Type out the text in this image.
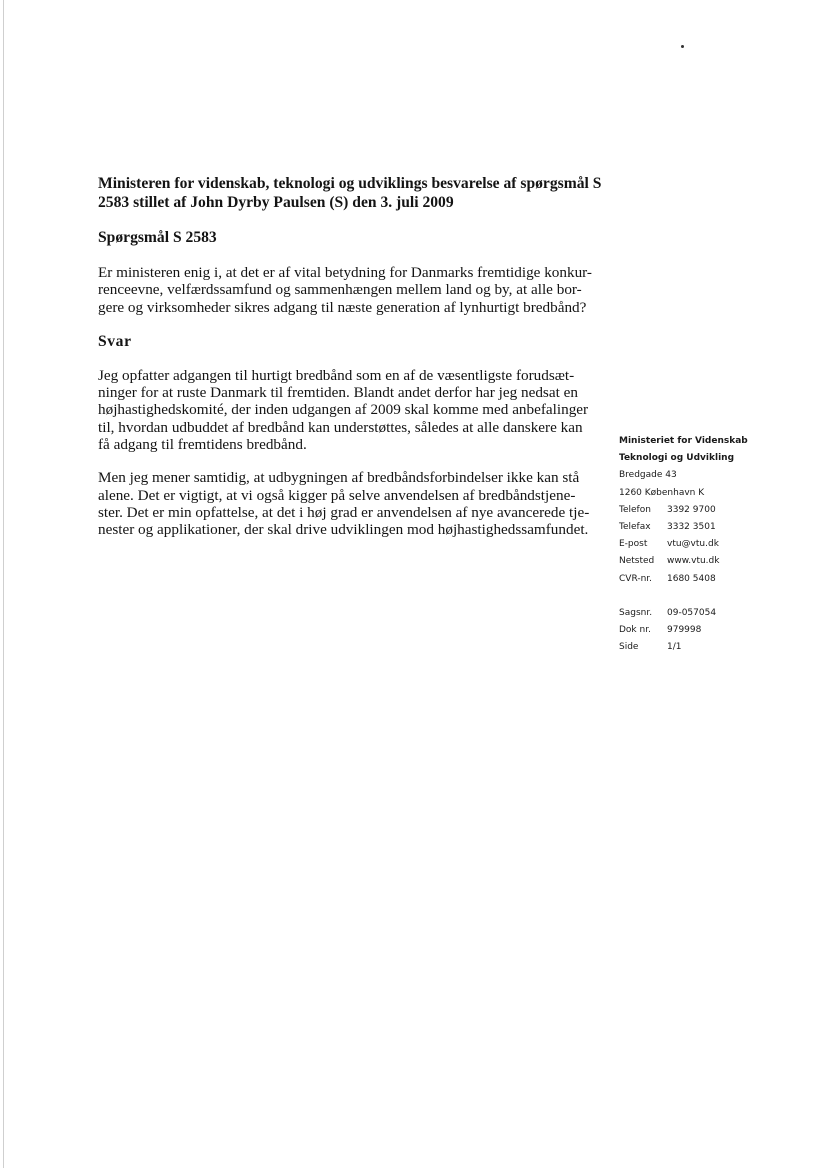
Ministeren for videnskab, teknologi og udviklings besvarelse af spørgsmål S
2583 stillet af John Dyrby Paulsen (S) den 3. juli 2009
Spørgsmål S 2583

Er ministeren enig i, at det er af vital betydning for Danmarks fremtidige konkur-
renceevne, velfærdssamfund og sammenhængen mellem land og by, at alle bor-
gere og virksomheder sikres adgang til næste generation af lynhurtigt bredbånd?

Svar

Jeg opfatter adgangen til hurtigt bredbånd som en af de væsentligste forudsæt-
ninger for at ruste Danmark til fremtiden. Blandt andet derfor har jeg nedsat en
højhastighedskomité, der inden udgangen af 2009 skal komme med anbefalinger
til, hvordan udbuddet af bredbånd kan understøttes, således at alle danskere kan
få adgang til fremtidens bredbånd.

Men jeg mener samtidig, at udbygningen af bredbåndsforbindelser ikke kan stå
alene. Det er vigtigt, at vi også kigger på selve anvendelsen af bredbåndstjene-
ster. Det er min opfattelse, at det i høj grad er anvendelsen af nye avancerede tje-
nester og applikationer, der skal drive udviklingen mod højhastighedssamfundet.

Ministeriet for Videnskab
Teknologi og Udvikling
Bredgade 43
1260 København K
Telefon	3392 9700
Telefax	3332 3501
E-post	vtu@vtu.dk
Netsted	www.vtu.dk
CVR-nr.	1680 5408
Sagsnr.	09-057054
Dok nr.	979998
Side	1/1
